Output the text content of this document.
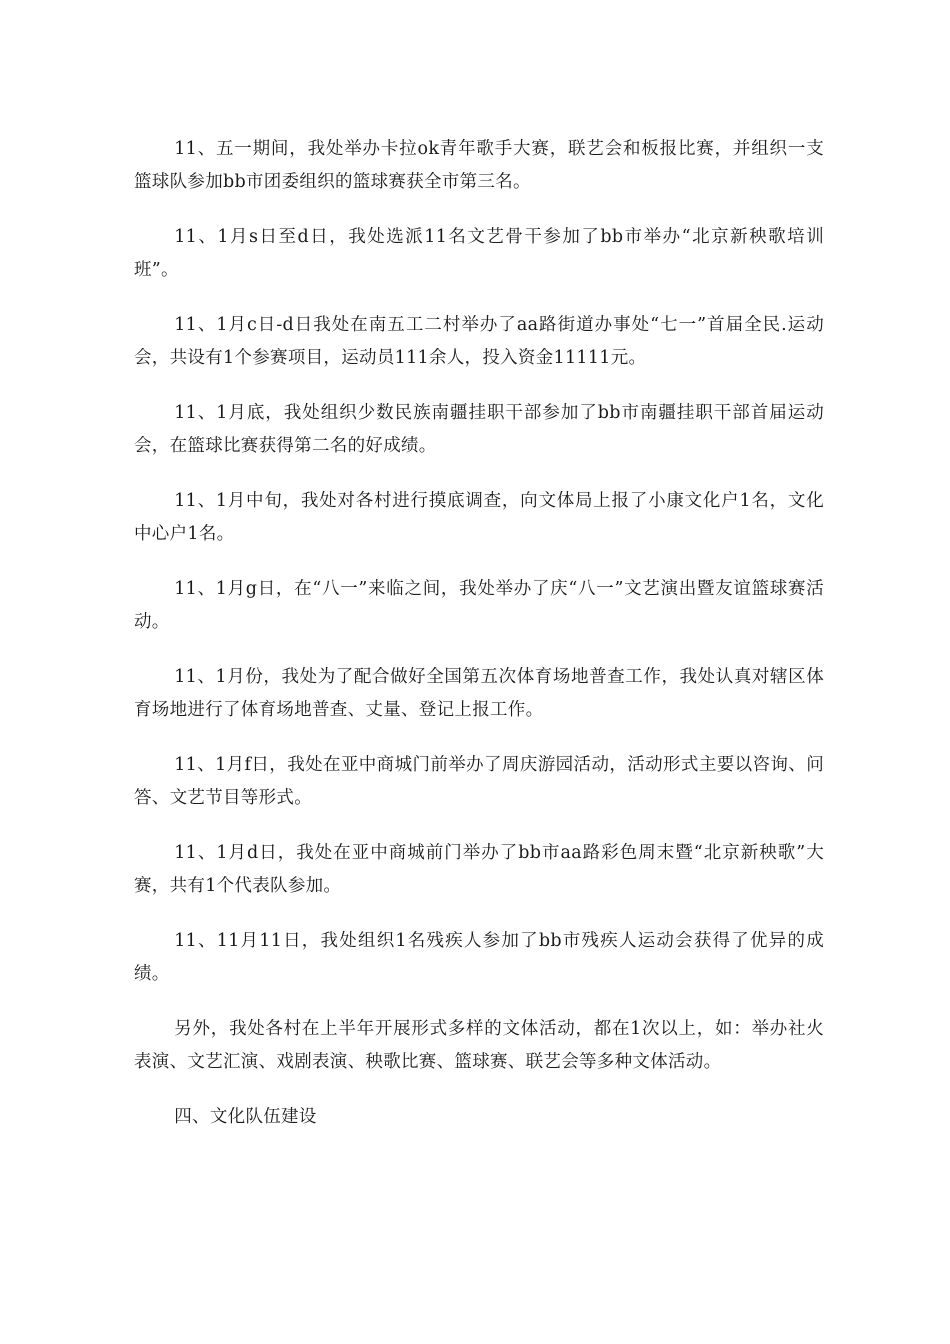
11、五一期间，我处举办卡拉ok青年歌手大赛，联艺会和板报比赛，并组织一支篮球队参加bb市团委组织的篮球赛获全市第三名。

11、1月s日至d日，我处选派11名文艺骨干参加了bb市举办“北京新秧歌培训班”。

11、1月c日-d日我处在南五工二村举办了aa路街道办事处“七一”首届全民.运动会，共设有1个参赛项目，运动员111余人，投入资金11111元。

11、1月底，我处组织少数民族南疆挂职干部参加了bb市南疆挂职干部首届运动会，在篮球比赛获得第二名的好成绩。

11、1月中旬，我处对各村进行摸底调查，向文体局上报了小康文化户1名，文化中心户1名。

11、1月g日，在“八一”来临之间，我处举办了庆“八一”文艺演出暨友谊篮球赛活动。

11、1月份，我处为了配合做好全国第五次体育场地普查工作，我处认真对辖区体育场地进行了体育场地普查、丈量、登记上报工作。

11、1月f日，我处在亚中商城门前举办了周庆游园活动，活动形式主要以咨询、问答、文艺节目等形式。

11、1月d日，我处在亚中商城前门举办了bb市aa路彩色周末暨“北京新秧歌”大赛，共有1个代表队参加。

11、11月11日，我处组织1名残疾人参加了bb市残疾人运动会获得了优异的成绩。

另外，我处各村在上半年开展形式多样的文体活动，都在1次以上，如：举办社火表演、文艺汇演、戏剧表演、秧歌比赛、篮球赛、联艺会等多种文体活动。

四、文化队伍建设
